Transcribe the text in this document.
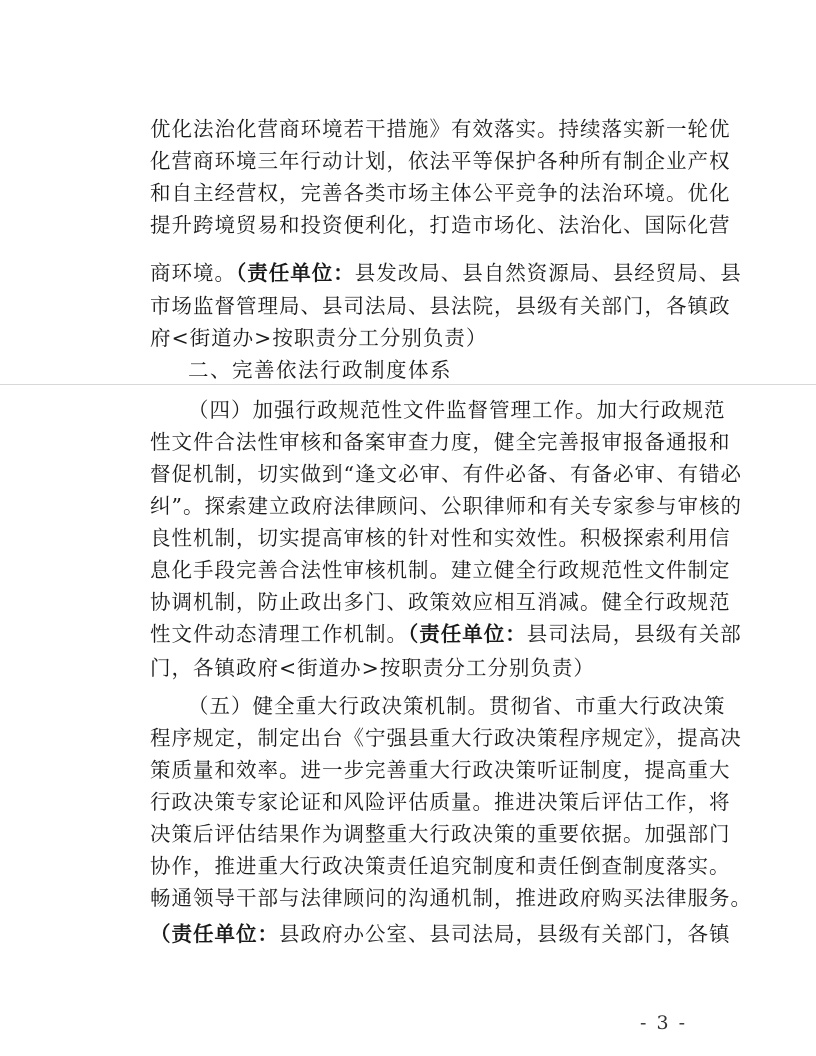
优化法治化营商环境若干措施》有效落实。持续落实新一轮优
化营商环境三年行动计划，依法平等保护各种所有制企业产权
和自主经营权，完善各类市场主体公平竞争的法治环境。优化
提升跨境贸易和投资便利化，打造市场化、法治化、国际化营
商环境。（责任单位：县发改局、县自然资源局、县经贸局、县
市场监督管理局、县司法局、县法院，县级有关部门，各镇政
府<街道办>按职责分工分别负责）
二、完善依法行政制度体系
（四）加强行政规范性文件监督管理工作。加大行政规范
性文件合法性审核和备案审查力度，健全完善报审报备通报和
督促机制，切实做到“逢文必审、有件必备、有备必审、有错必
纠”。探索建立政府法律顾问、公职律师和有关专家参与审核的
良性机制，切实提高审核的针对性和实效性。积极探索利用信
息化手段完善合法性审核机制。建立健全行政规范性文件制定
协调机制，防止政出多门、政策效应相互消减。健全行政规范
性文件动态清理工作机制。（责任单位：县司法局，县级有关部
门，各镇政府<街道办>按职责分工分别负责）
（五）健全重大行政决策机制。贯彻省、市重大行政决策
程序规定，制定出台《宁强县重大行政决策程序规定》，提高决
策质量和效率。进一步完善重大行政决策听证制度，提高重大
行政决策专家论证和风险评估质量。推进决策后评估工作，将
决策后评估结果作为调整重大行政决策的重要依据。加强部门
协作，推进重大行政决策责任追究制度和责任倒查制度落实。
畅通领导干部与法律顾问的沟通机制，推进政府购买法律服务。
（责任单位：县政府办公室、县司法局，县级有关部门，各镇
- 3 -
